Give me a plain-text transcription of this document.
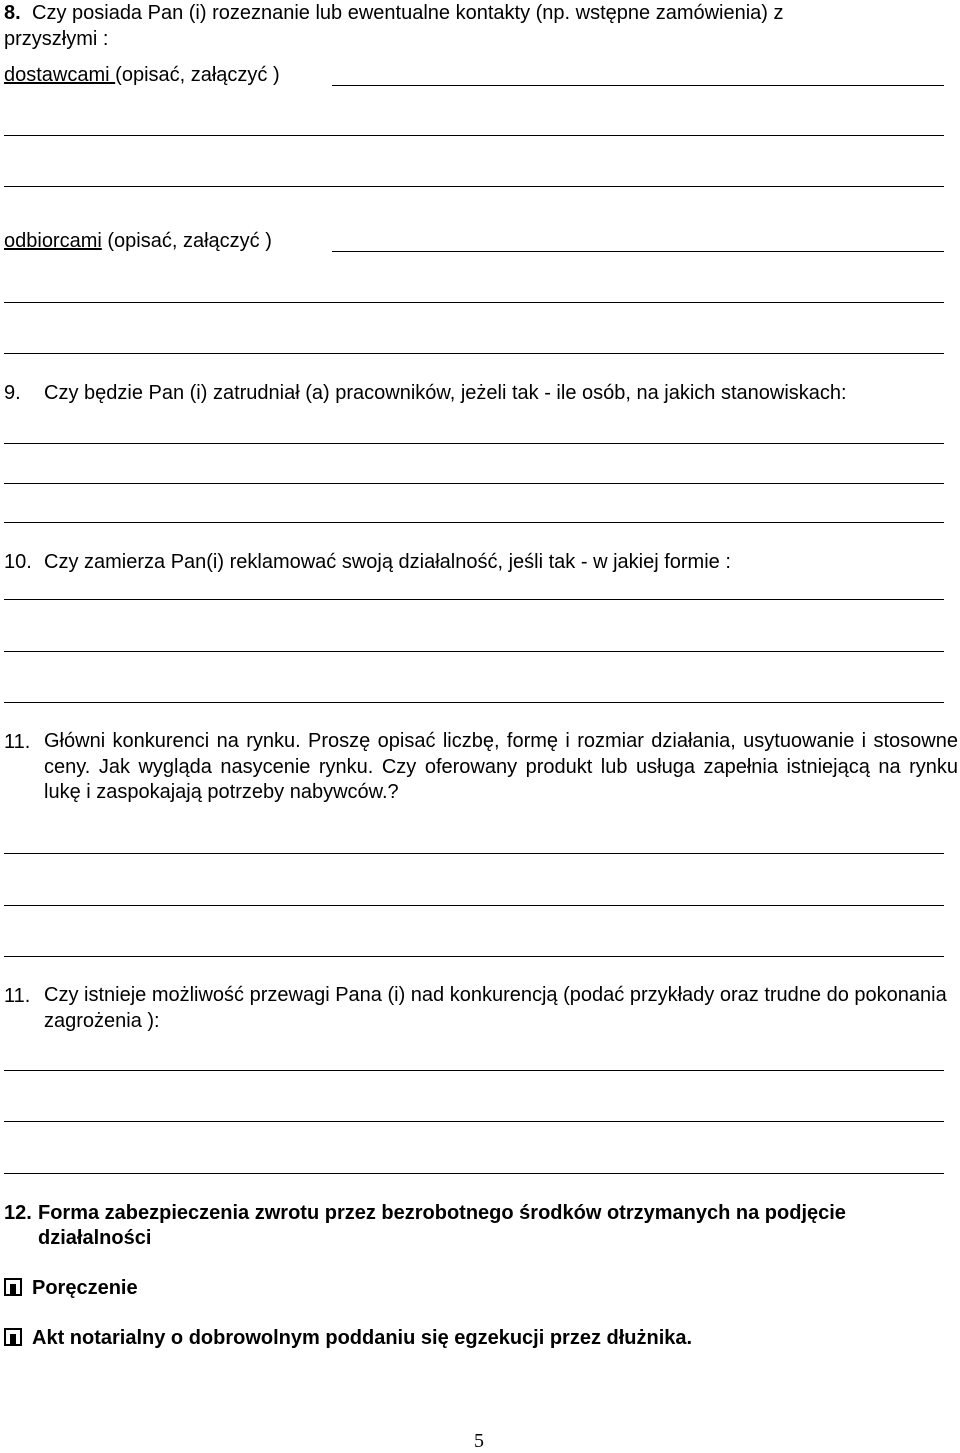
8. Czy posiada Pan (i) rozeznanie lub ewentualne kontakty (np. wstępne zamówienia) z
przyszłymi :
dostawcami (opisać, załączyć )
odbiorcami (opisać, załączyć )
9. Czy będzie Pan (i) zatrudniał (a) pracowników, jeżeli tak - ile osób, na jakich stanowiskach:
10. Czy zamierza Pan(i) reklamować swoją działalność, jeśli tak - w jakiej formie :
11. Główni konkurenci na rynku. Proszę opisać liczbę, formę i rozmiar działania, usytuowanie i stosowne ceny. Jak wygląda nasycenie rynku. Czy oferowany produkt lub usługa zapełnia istniejącą na rynku lukę i zaspokajają potrzeby nabywców.?
11. Czy istnieje możliwość przewagi Pana (i) nad konkurencją (podać przykłady oraz trudne do pokonania zagrożenia ):
12. Forma zabezpieczenia zwrotu przez bezrobotnego środków otrzymanych na podjęcie
działalności
Poręczenie
Akt notarialny o dobrowolnym poddaniu się egzekucji przez dłużnika.
5
